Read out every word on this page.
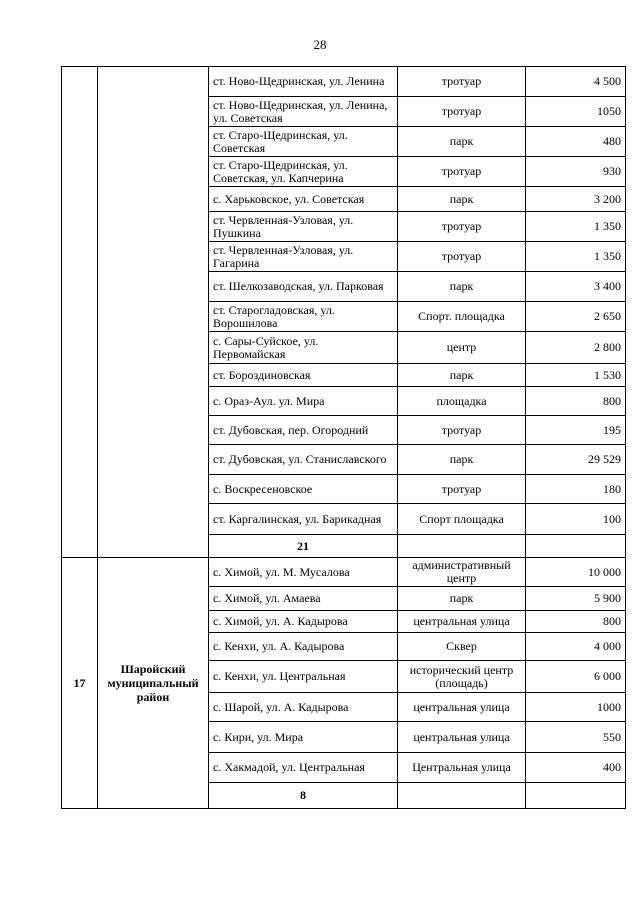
28
		ст. Ново-Щедринская, ул. Ленина	тротуар	4 500
		ст. Ново-Щедринская, ул. Ленина, ул. Советская	тротуар	1050
		ст. Старо-Щедринская, ул. Советская	парк	480
		ст. Старо-Щедринская, ул. Советская, ул. Капчерина	тротуар	930
		с. Харьковское, ул. Советская	парк	3 200
		ст. Червленная-Узловая, ул. Пушкина	тротуар	1 350
		ст. Червленная-Узловая, ул. Гагарина	тротуар	1 350
		ст. Шелкозаводская, ул. Парковая	парк	3 400
		ст. Старогладовская, ул. Ворошилова	Спорт. площадка	2 650
		с. Сары-Суйское, ул. Первомайская	центр	2 800
		ст. Бороздиновская	парк	1 530
		с. Ораз-Аул. ул. Мира	площадка	800
		ст. Дубовская, пер. Огородний	тротуар	195
		ст. Дубовская, ул. Станиславского	парк	29 529
		с. Воскресеновское	тротуар	180
		ст. Каргалинская, ул. Барикадная	Спорт площадка	100
		21		
17	Шаройский муниципальный район	с. Химой, ул. М. Мусалова	административный центр	10 000
		с. Химой, ул. Амаева	парк	5 900
		с. Химой, ул. А. Кадырова	центральная улица	800
		с. Кенхи, ул. А. Кадырова	Сквер	4 000
		с. Кенхи, ул. Центральная	исторический центр (площадь)	6 000
		с. Шарой, ул. А. Кадырова	центральная улица	1000
		с. Кири, ул. Мира	центральная улица	550
		с. Хакмадой, ул. Центральная	Центральная улица	400
		8		
